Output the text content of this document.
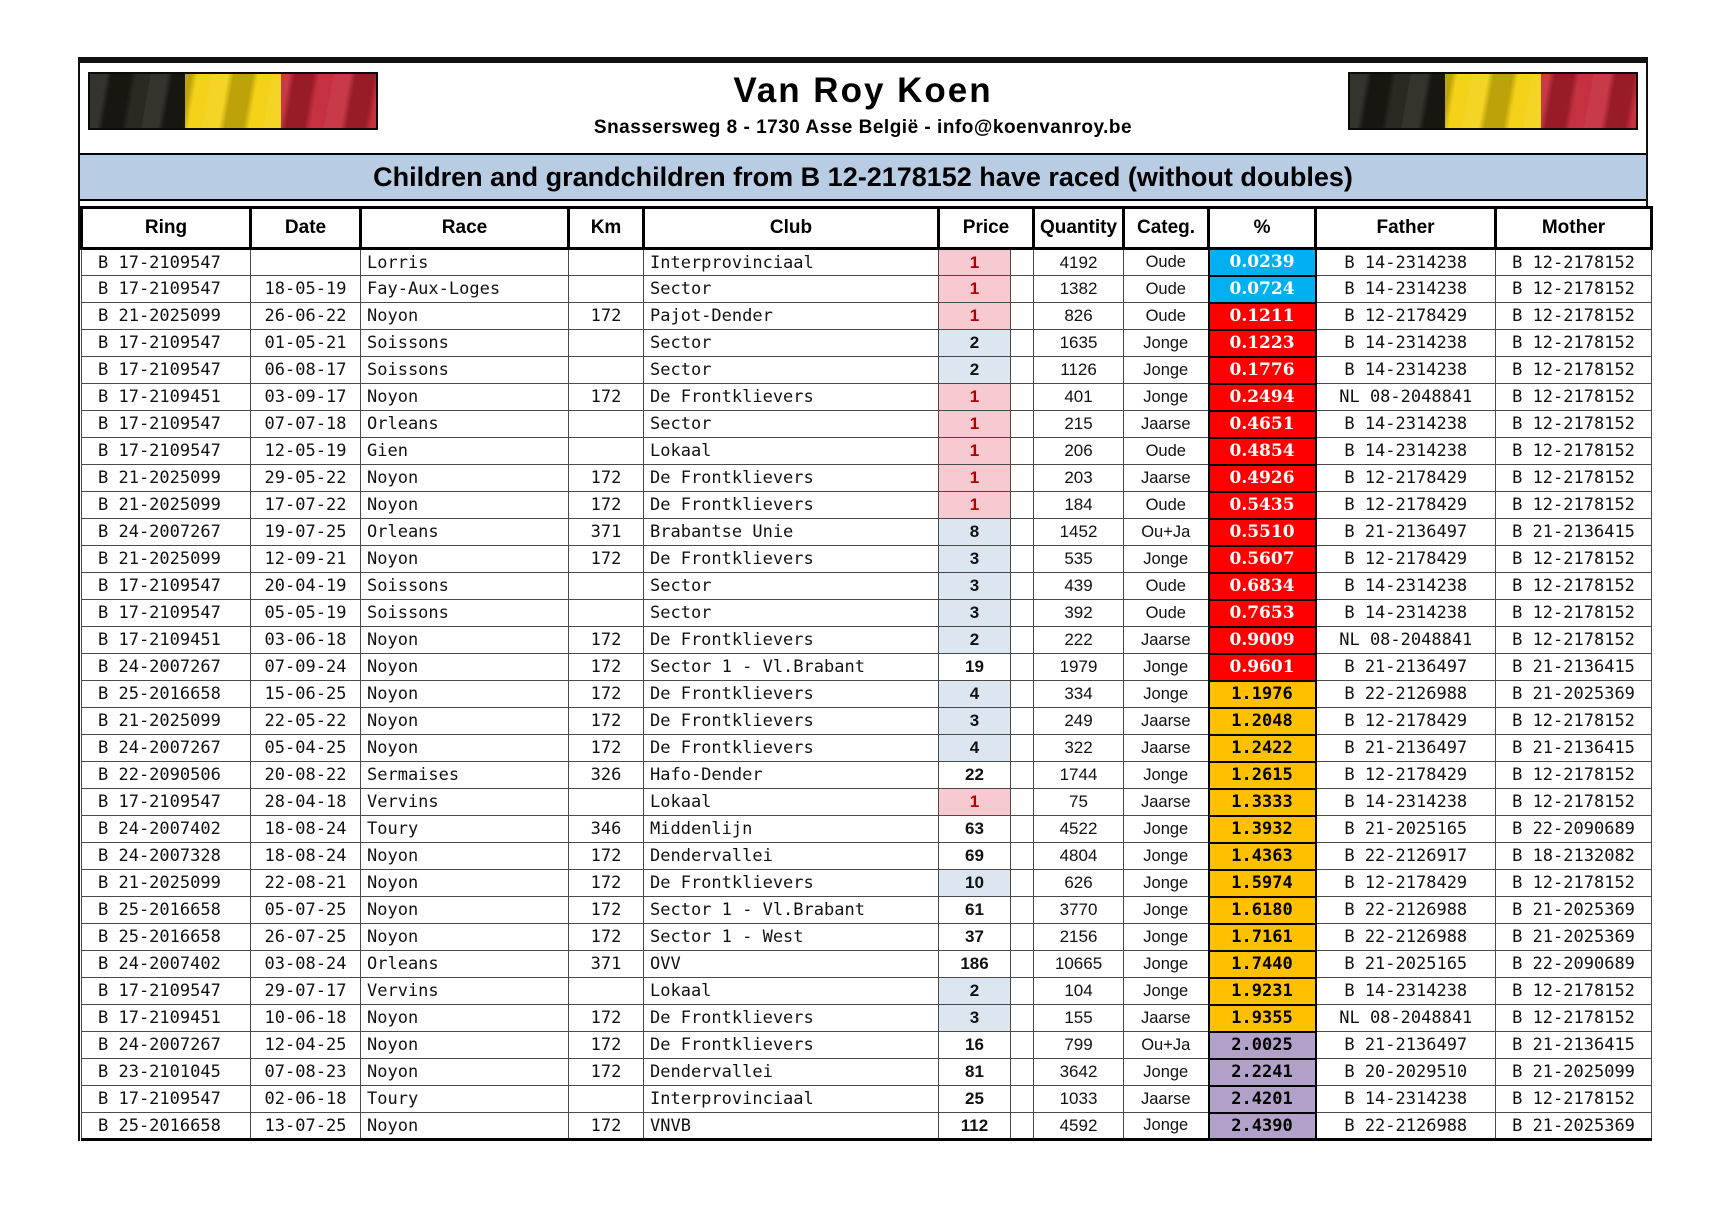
Van Roy Koen
Snassersweg 8 - 1730 Asse België - info@koenvanroy.be
Children and grandchildren from B 12-2178152 have raced (without doubles)
Ring	Date	Race	Km	Club	Price		Quantity	Categ.	%	Father	Mother
B 17-2109547		Lorris		Interprovinciaal	1		4192	Oude	0.0239	B 14-2314238	B 12-2178152
B 17-2109547	18-05-19	Fay-Aux-Loges		Sector	1		1382	Oude	0.0724	B 14-2314238	B 12-2178152
B 21-2025099	26-06-22	Noyon	172	Pajot-Dender	1		826	Oude	0.1211	B 12-2178429	B 12-2178152
B 17-2109547	01-05-21	Soissons		Sector	2		1635	Jonge	0.1223	B 14-2314238	B 12-2178152
B 17-2109547	06-08-17	Soissons		Sector	2		1126	Jonge	0.1776	B 14-2314238	B 12-2178152
B 17-2109451	03-09-17	Noyon	172	De Frontklievers	1		401	Jonge	0.2494	NL 08-2048841	B 12-2178152
B 17-2109547	07-07-18	Orleans		Sector	1		215	Jaarse	0.4651	B 14-2314238	B 12-2178152
B 17-2109547	12-05-19	Gien		Lokaal	1		206	Oude	0.4854	B 14-2314238	B 12-2178152
B 21-2025099	29-05-22	Noyon	172	De Frontklievers	1		203	Jaarse	0.4926	B 12-2178429	B 12-2178152
B 21-2025099	17-07-22	Noyon	172	De Frontklievers	1		184	Oude	0.5435	B 12-2178429	B 12-2178152
B 24-2007267	19-07-25	Orleans	371	Brabantse Unie	8		1452	Ou+Ja	0.5510	B 21-2136497	B 21-2136415
B 21-2025099	12-09-21	Noyon	172	De Frontklievers	3		535	Jonge	0.5607	B 12-2178429	B 12-2178152
B 17-2109547	20-04-19	Soissons		Sector	3		439	Oude	0.6834	B 14-2314238	B 12-2178152
B 17-2109547	05-05-19	Soissons		Sector	3		392	Oude	0.7653	B 14-2314238	B 12-2178152
B 17-2109451	03-06-18	Noyon	172	De Frontklievers	2		222	Jaarse	0.9009	NL 08-2048841	B 12-2178152
B 24-2007267	07-09-24	Noyon	172	Sector 1 - Vl.Brabant	19		1979	Jonge	0.9601	B 21-2136497	B 21-2136415
B 25-2016658	15-06-25	Noyon	172	De Frontklievers	4		334	Jonge	1.1976	B 22-2126988	B 21-2025369
B 21-2025099	22-05-22	Noyon	172	De Frontklievers	3		249	Jaarse	1.2048	B 12-2178429	B 12-2178152
B 24-2007267	05-04-25	Noyon	172	De Frontklievers	4		322	Jaarse	1.2422	B 21-2136497	B 21-2136415
B 22-2090506	20-08-22	Sermaises	326	Hafo-Dender	22		1744	Jonge	1.2615	B 12-2178429	B 12-2178152
B 17-2109547	28-04-18	Vervins		Lokaal	1		75	Jaarse	1.3333	B 14-2314238	B 12-2178152
B 24-2007402	18-08-24	Toury	346	Middenlijn	63		4522	Jonge	1.3932	B 21-2025165	B 22-2090689
B 24-2007328	18-08-24	Noyon	172	Dendervallei	69		4804	Jonge	1.4363	B 22-2126917	B 18-2132082
B 21-2025099	22-08-21	Noyon	172	De Frontklievers	10		626	Jonge	1.5974	B 12-2178429	B 12-2178152
B 25-2016658	05-07-25	Noyon	172	Sector 1 - Vl.Brabant	61		3770	Jonge	1.6180	B 22-2126988	B 21-2025369
B 25-2016658	26-07-25	Noyon	172	Sector 1 - West	37		2156	Jonge	1.7161	B 22-2126988	B 21-2025369
B 24-2007402	03-08-24	Orleans	371	OVV	186		10665	Jonge	1.7440	B 21-2025165	B 22-2090689
B 17-2109547	29-07-17	Vervins		Lokaal	2		104	Jonge	1.9231	B 14-2314238	B 12-2178152
B 17-2109451	10-06-18	Noyon	172	De Frontklievers	3		155	Jaarse	1.9355	NL 08-2048841	B 12-2178152
B 24-2007267	12-04-25	Noyon	172	De Frontklievers	16		799	Ou+Ja	2.0025	B 21-2136497	B 21-2136415
B 23-2101045	07-08-23	Noyon	172	Dendervallei	81		3642	Jonge	2.2241	B 20-2029510	B 21-2025099
B 17-2109547	02-06-18	Toury		Interprovinciaal	25		1033	Jaarse	2.4201	B 14-2314238	B 12-2178152
B 25-2016658	13-07-25	Noyon	172	VNVB	112		4592	Jonge	2.4390	B 22-2126988	B 21-2025369
